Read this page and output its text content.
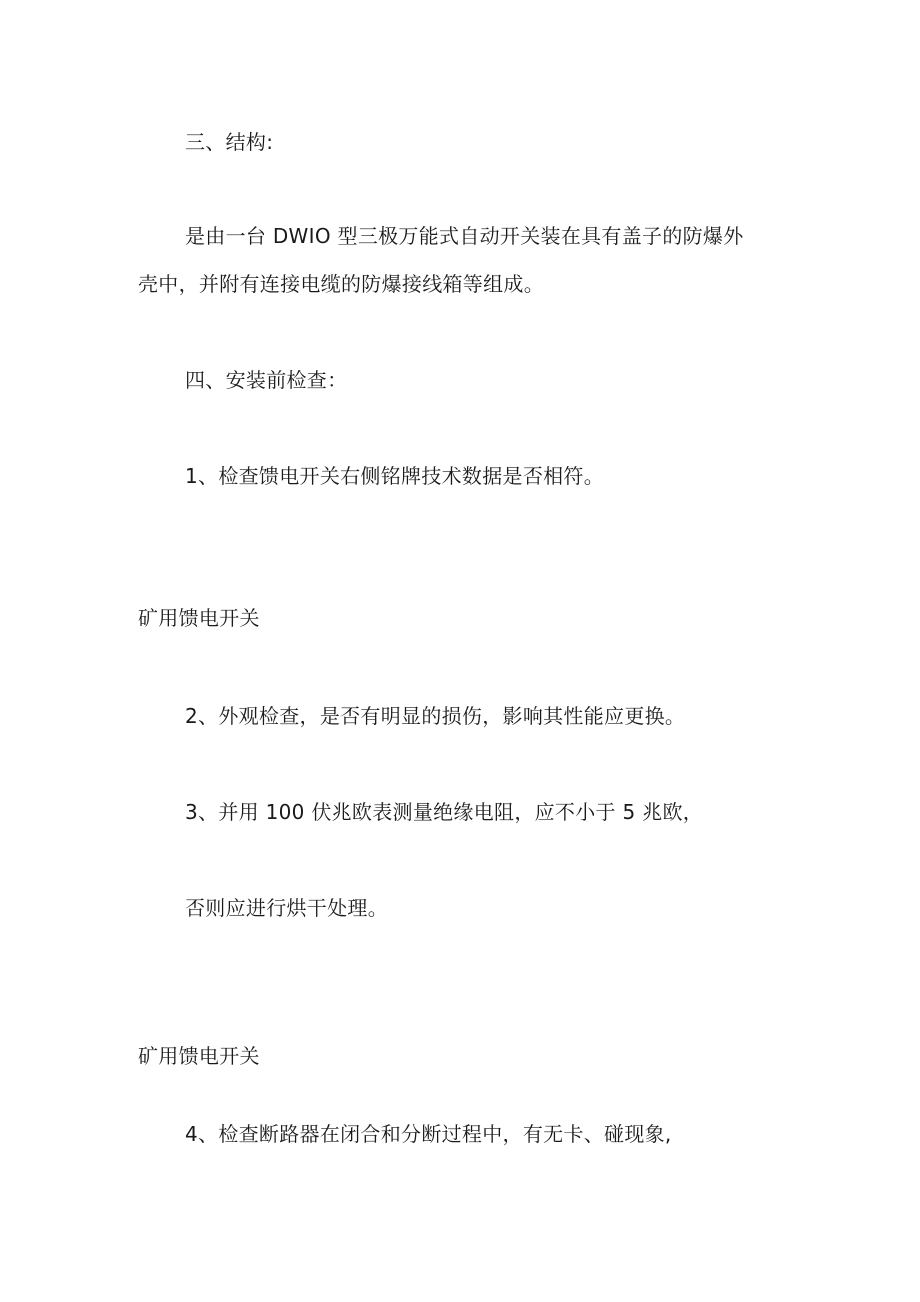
三、结构:
是由一台 DWIO 型三极万能式自动开关装在具有盖子的防爆外
壳中，并附有连接电缆的防爆接线箱等组成。
四、安装前检查：
1、检查馈电开关右侧铭牌技术数据是否相符。
矿用馈电开关
2、外观检查，是否有明显的损伤，影响其性能应更换。
3、并用 100 伏兆欧表测量绝缘电阻，应不小于 5 兆欧，
否则应进行烘干处理。
矿用馈电开关
4、检查断路器在闭合和分断过程中，有无卡、碰现象,
